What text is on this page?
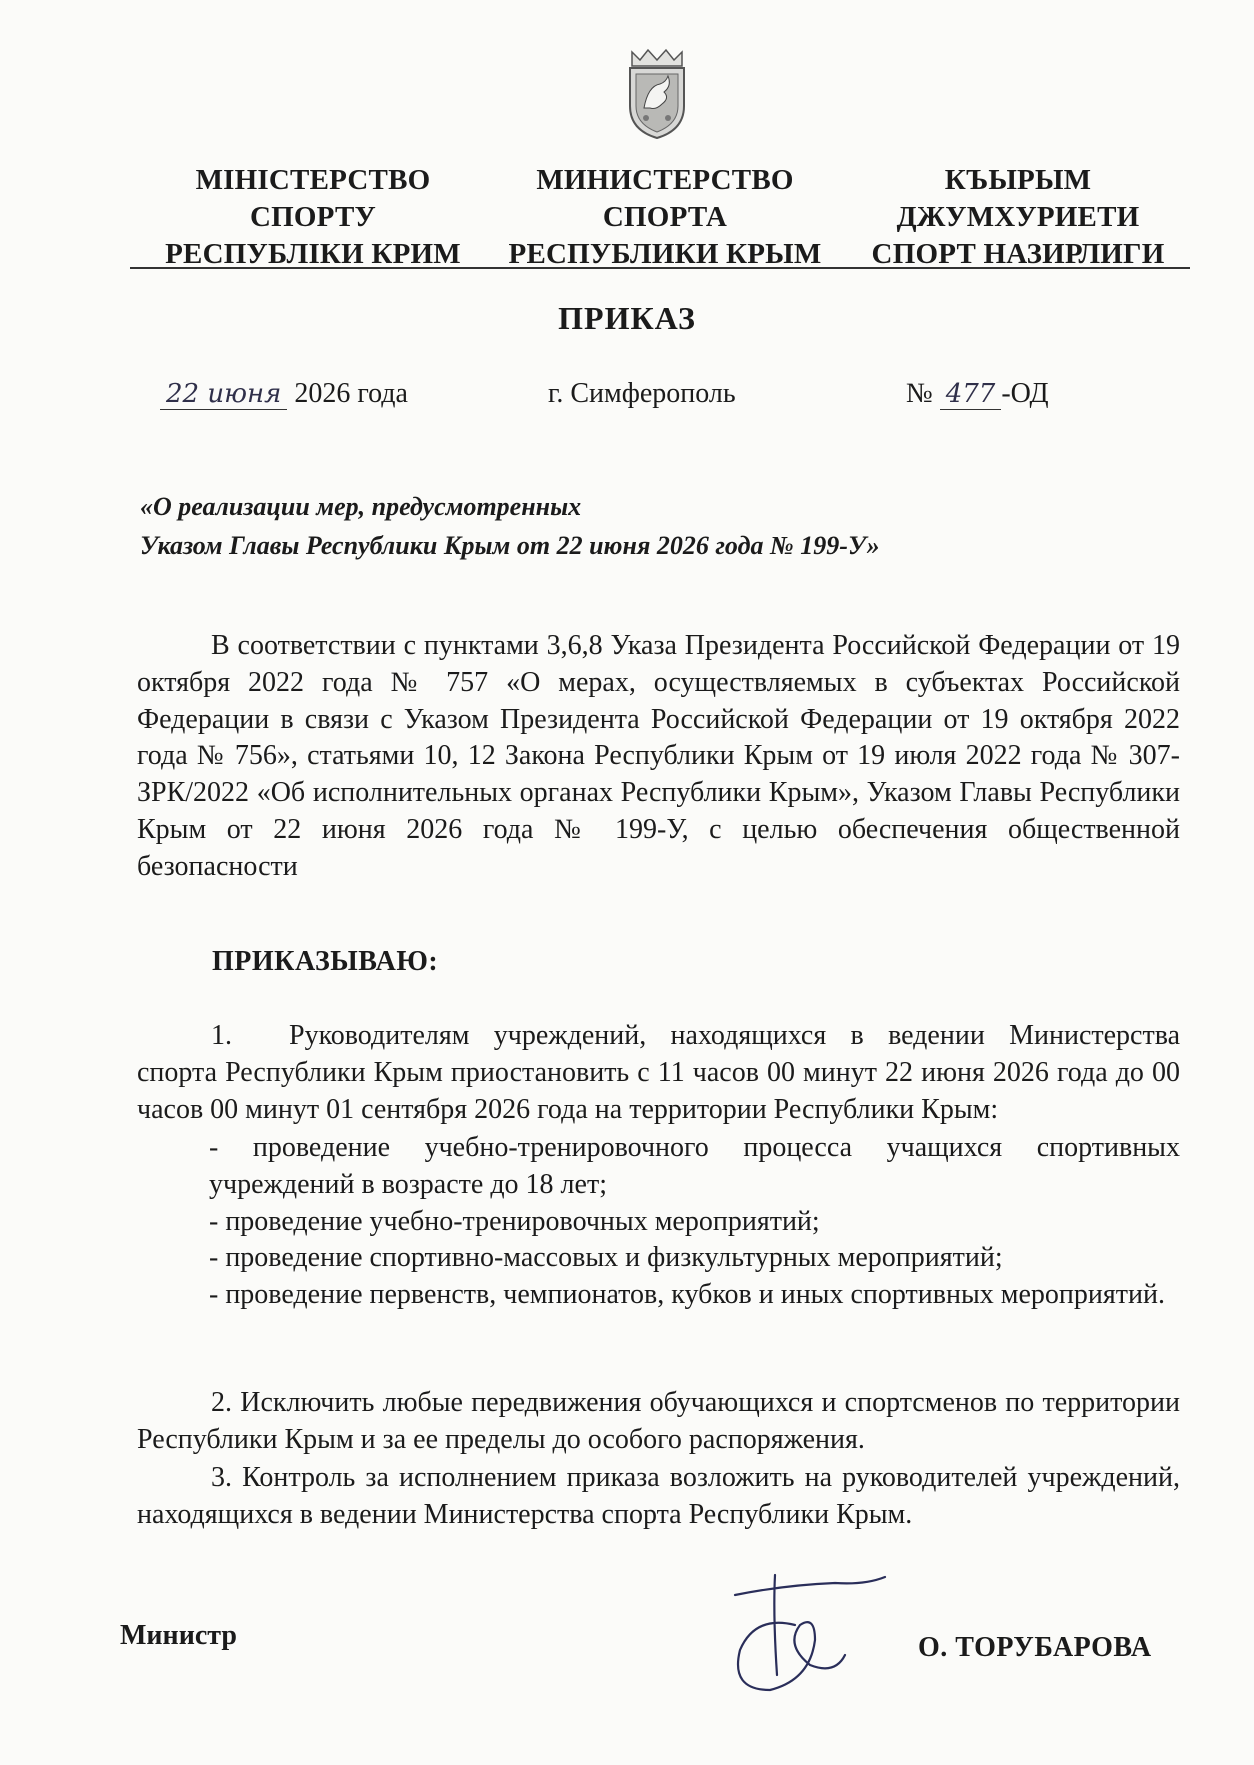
МІНІСТЕРСТВО
СПОРТУ
РЕСПУБЛІКИ КРИМ
МИНИСТЕРСТВО
СПОРТА
РЕСПУБЛИКИ КРЫМ
КЪЫРЫМ
ДЖУМХУРИЕТИ
СПОРТ НАЗИРЛИГИ
ПРИКАЗ
22 июня 2026 года	г. Симферополь	№ 477 -ОД
«О реализации мер, предусмотренных
Указом Главы Республики Крым от 22 июня 2026 года № 199-У»
В соответствии с пунктами 3,6,8 Указа Президента Российской Федерации от 19 октября 2022 года № 757 «О мерах, осуществляемых в субъектах Российской Федерации в связи с Указом Президента Российской Федерации от 19 октября 2022 года № 756», статьями 10, 12 Закона Республики Крым от 19 июля 2022 года № 307-ЗРК/2022 «Об исполнительных органах Республики Крым», Указом Главы Республики Крым от 22 июня 2026 года № 199-У, с целью обеспечения общественной безопасности
ПРИКАЗЫВАЮ:
1. Руководителям учреждений, находящихся в ведении Министерства спорта Республики Крым приостановить с 11 часов 00 минут 22 июня 2026 года до 00 часов 00 минут 01 сентября 2026 года на территории Республики Крым:
- проведение учебно-тренировочного процесса учащихся спортивных учреждений в возрасте до 18 лет;
- проведение учебно-тренировочных мероприятий;
- проведение спортивно-массовых и физкультурных мероприятий;
- проведение первенств, чемпионатов, кубков и иных спортивных мероприятий.
2. Исключить любые передвижения обучающихся и спортсменов по территории Республики Крым и за ее пределы до особого распоряжения.
3. Контроль за исполнением приказа возложить на руководителей учреждений, находящихся в ведении Министерства спорта Республики Крым.
Министр	О. ТОРУБАРОВА
